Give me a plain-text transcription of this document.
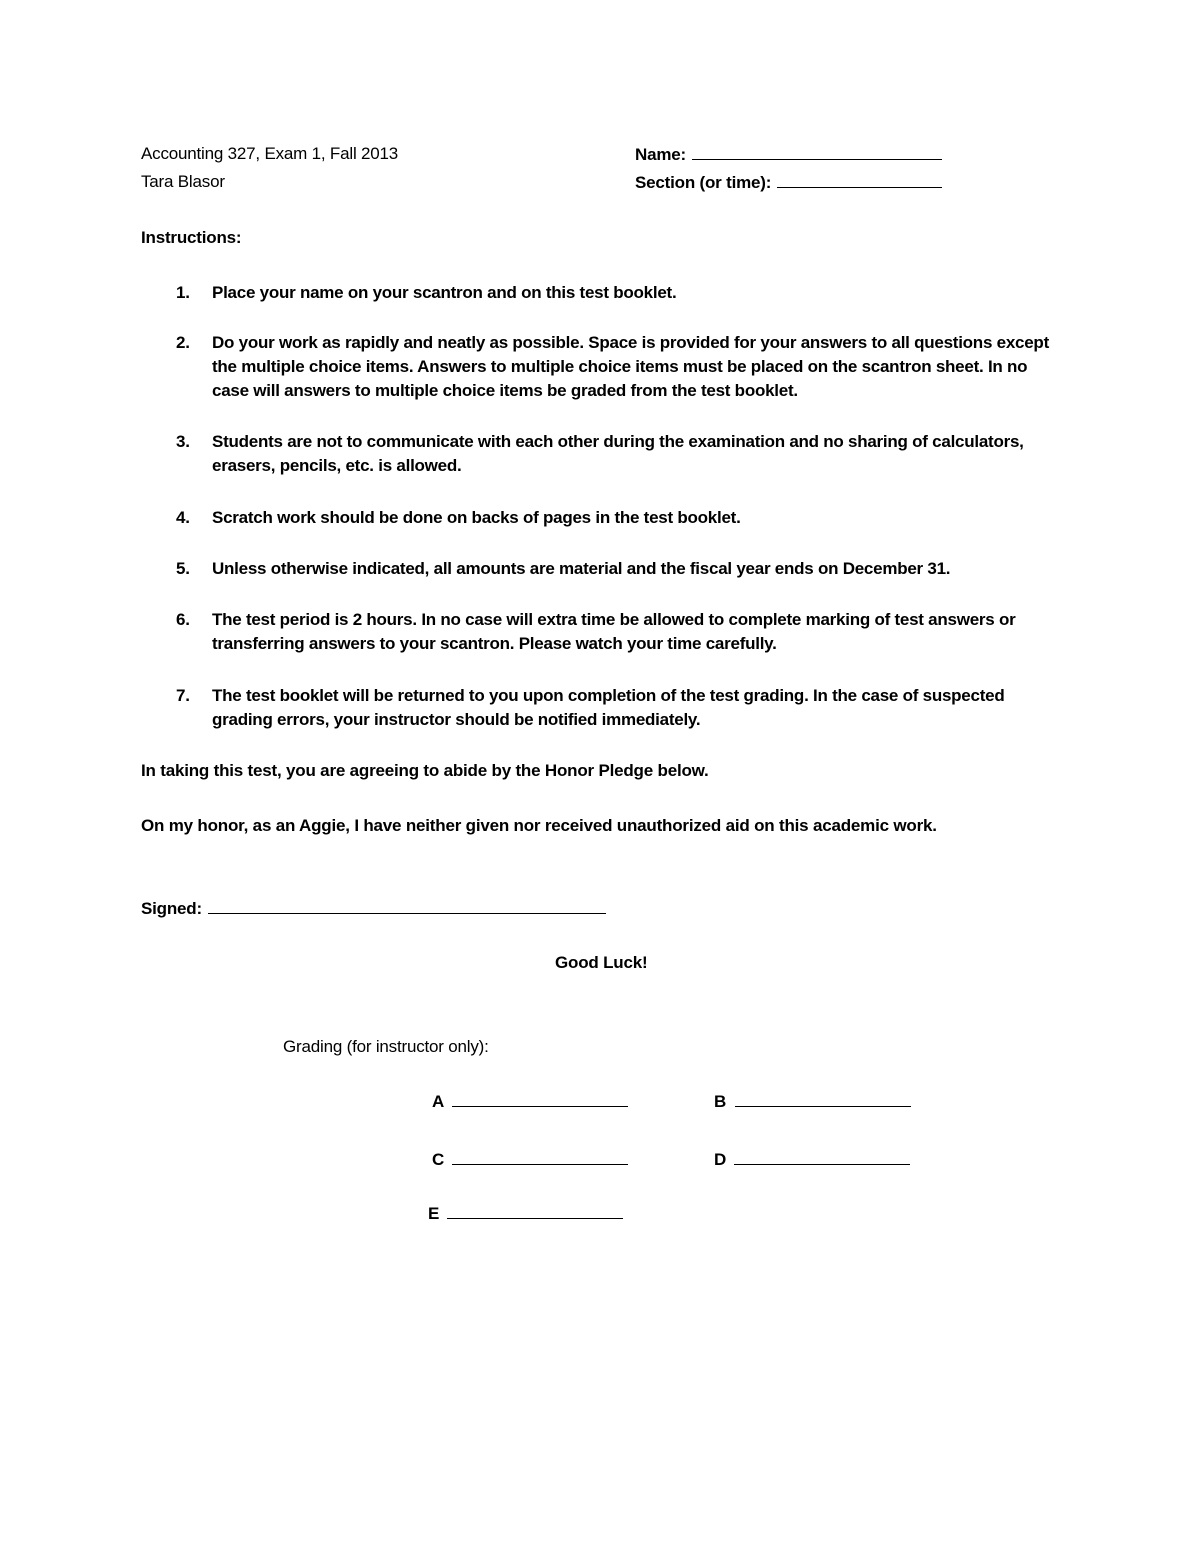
Accounting 327, Exam 1, Fall 2013
Tara Blasor
Name:
Section (or time):
Instructions:
1.	Place your name on your scantron and on this test booklet.
2.	Do your work as rapidly and neatly as possible. Space is provided for your answers to all questions except the multiple choice items. Answers to multiple choice items must be placed on the scantron sheet. In no case will answers to multiple choice items be graded from the test booklet.
3.	Students are not to communicate with each other during the examination and no sharing of calculators, erasers, pencils, etc. is allowed.
4.	Scratch work should be done on backs of pages in the test booklet.
5.	Unless otherwise indicated, all amounts are material and the fiscal year ends on December 31.
6.	The test period is 2 hours. In no case will extra time be allowed to complete marking of test answers or transferring answers to your scantron. Please watch your time carefully.
7.	The test booklet will be returned to you upon completion of the test grading. In the case of suspected grading errors, your instructor should be notified immediately.
In taking this test, you are agreeing to abide by the Honor Pledge below.
On my honor, as an Aggie, I have neither given nor received unauthorized aid on this academic work.
Signed:
Good Luck!
Grading (for instructor only):
A	B
C	D
E
